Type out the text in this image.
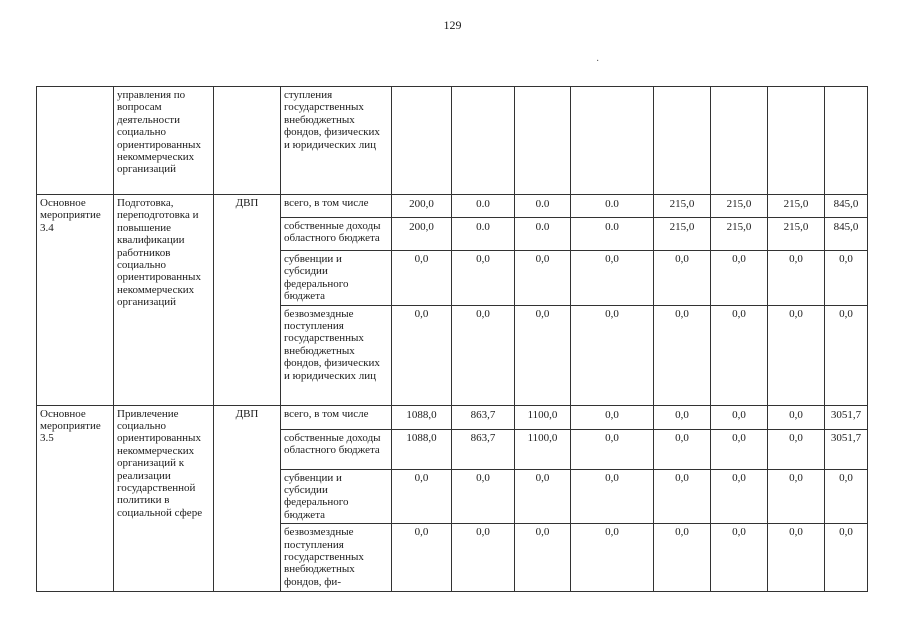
129
·
	управления по вопросам деятельности социально ориентированных некоммерческих организаций		ступления государственных внебюджетных фондов, физических и юридических лиц								
Основное мероприятие 3.4	Подготовка, переподготовка и повышение квалификации работников социально ориентированных некоммерческих организаций	ДВП	всего, в том числе	200,0	0.0	0.0	0.0	215,0	215,0	215,0	845,0
			собственные доходы областного бюджета	200,0	0.0	0.0	0.0	215,0	215,0	215,0	845,0
			субвенции и субсидии федерального бюджета	0,0	0,0	0,0	0,0	0,0	0,0	0,0	0,0
			безвозмездные поступления государственных внебюджетных фондов, физических и юридических лиц	0,0	0,0	0,0	0,0	0,0	0,0	0,0	0,0
Основное мероприятие 3.5	Привлечение социально ориентированных некоммерческих организаций к реализации государственной политики в социальной сфере	ДВП	всего, в том числе	1088,0	863,7	1100,0	0,0	0,0	0,0	0,0	3051,7
			собственные доходы областного бюджета	1088,0	863,7	1100,0	0,0	0,0	0,0	0,0	3051,7
			субвенции и субсидии федерального бюджета	0,0	0,0	0,0	0,0	0,0	0,0	0,0	0,0
			безвозмездные поступления государственных внебюджетных фондов, фи-	0,0	0,0	0,0	0,0	0,0	0,0	0,0	0,0
